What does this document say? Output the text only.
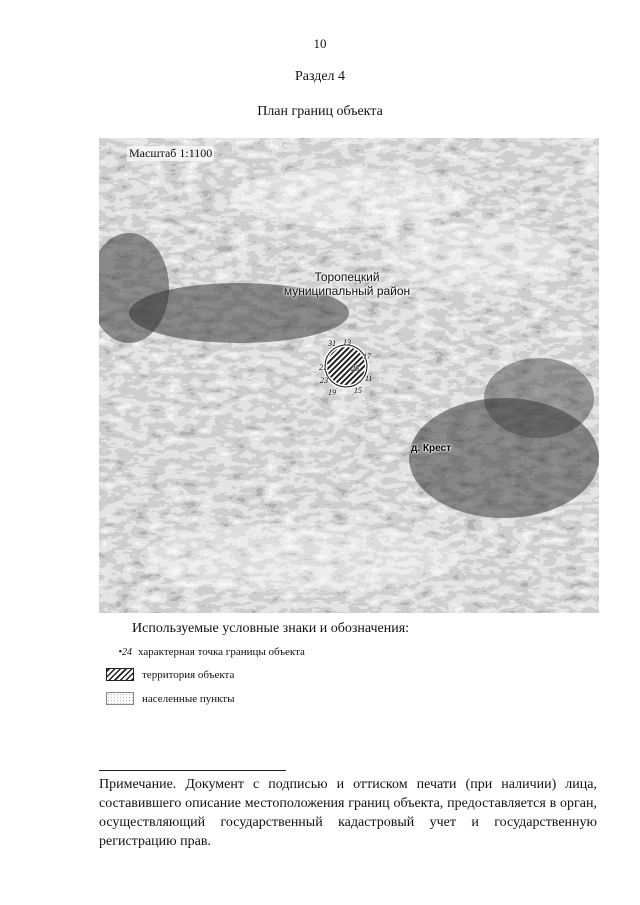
10
Раздел 4
План границ объекта
Масштаб 1:1100
Торопецкий
муниципальный район
д. Крест
11
13
15
17
19
21
23
25
31
Используемые условные знаки и обозначения:
•24 характерная точка границы объекта
территория объекта
населенные пункты
Примечание. Документ с подписью и оттиском печати (при наличии) лица, составившего описание местоположения границ объекта, предоставляется в орган, осуществляющий государственный кадастровый учет и государственную регистрацию прав.
